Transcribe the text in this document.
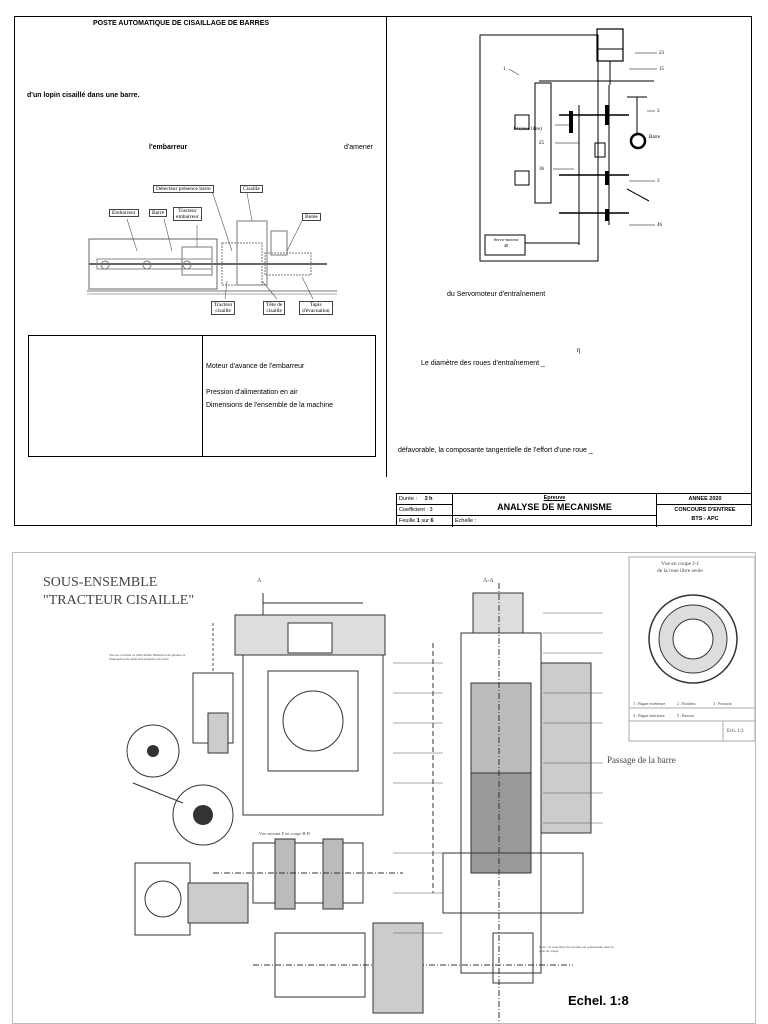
POSTE AUTOMATIQUE DE CISAILLAGE DE BARRES
d'un lopin cisaillé dans une barre.
l'embarreur	d'amener
Détecteur présence barre	Cisaille
Embarreur	Barre	Tracteur
embarreur	Butée
Tracteur
cisaille
Tête de
cisaille
Tapis
d'évacuation
Moteur d'avance de l'embarreur
Pression d'alimentation en air
Dimensions de l'ensemble de la machine
23
15
1
3
Barre
14 (roue libre)
25
36
3
46
Servo-moteur
48
du Servomoteur d'entraînement
η
Le diamètre des roues d'entraînement _
défavorable, la composante tangentielle de l'effort d'une roue _
Durée : 3 h
Coefficient : 3
Feuille 1 sur 6
Epreuve
ANALYSE DE MECANISME
Echelle :
ANNEE 2020
CONCOURS D'ENTREE
BTS - APC
SOUS-ENSEMBLE
"TRACTEUR CISAILLE"
A-A
A
Vue en coupe J-J
de la roue libre seule
1 : Bague extérieure	2 : Rouleau	3 : Poussoir
4 : Bague intérieure	5 : Ressort
Ech. 1:2
Passage de la barre
Vue suivant F en coupe B-B
Vue de contrôle ce dôtil défini. Béhavion de pilaster et interruption de détection présence de barre
Note : la roue libre du tracteur est représentée dans le plan de coupe
Echel. 1:8
